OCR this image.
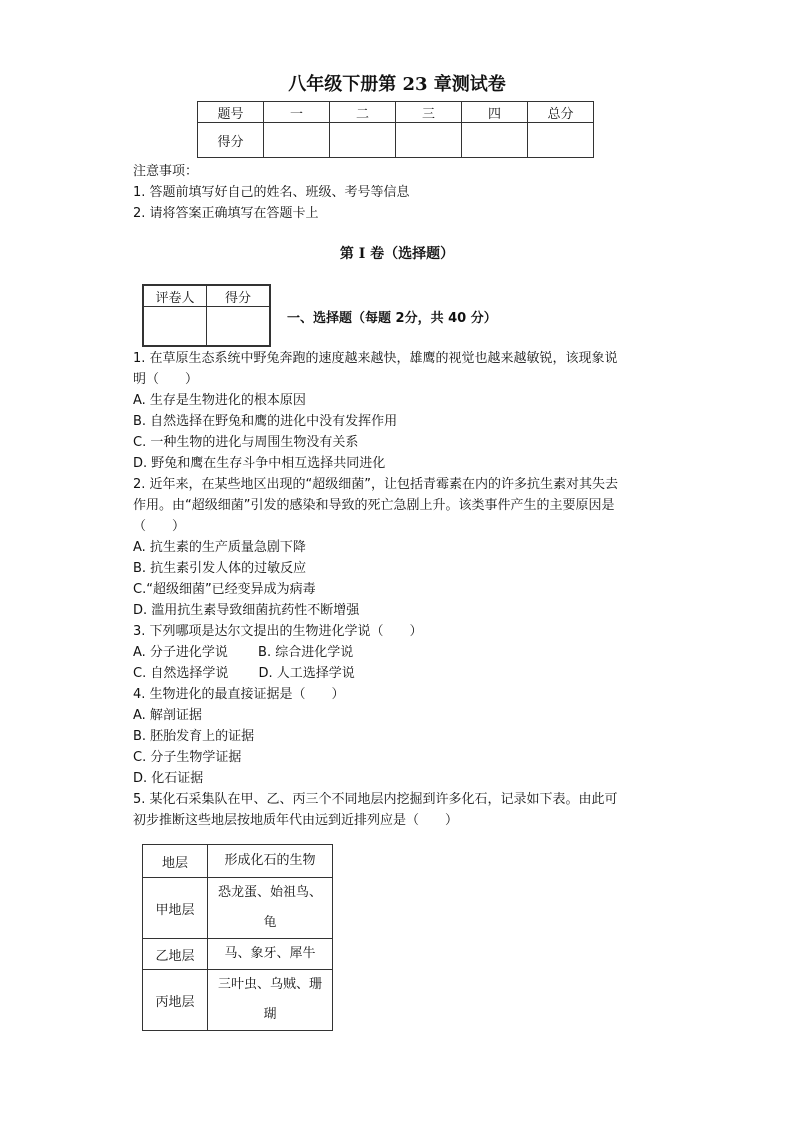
八年级下册第 23 章测试卷
题号	一	二	三	四	总分
得分					
注意事项：
1. 答题前填写好自己的姓名、班级、考号等信息
2. 请将答案正确填写在答题卡上
第 I 卷（选择题）
评卷人	得分

一、选择题（每题 2分，共 40 分）
1. 在草原生态系统中野兔奔跑的速度越来越快，雄鹰的视觉也越来越敏锐，该现象说
明（　　）
A. 生存是生物进化的根本原因
B. 自然选择在野兔和鹰的进化中没有发挥作用
C. 一种生物的进化与周围生物没有关系
D. 野兔和鹰在生存斗争中相互选择共同进化
2. 近年来，在某些地区出现的“超级细菌”，让包括青霉素在内的许多抗生素对其失去
作用。由“超级细菌”引发的感染和导致的死亡急剧上升。该类事件产生的主要原因是
（　　）
A. 抗生素的生产质量急剧下降
B. 抗生素引发人体的过敏反应
C.“超级细菌”已经变异成为病毒
D. 滥用抗生素导致细菌抗药性不断增强
3. 下列哪项是达尔文提出的生物进化学说（　　）
A. 分子进化学说　　 B. 综合进化学说
C. 自然选择学说　　 D. 人工选择学说
4. 生物进化的最直接证据是（　　）
A. 解剖证据
B. 胚胎发育上的证据
C. 分子生物学证据
D. 化石证据
5. 某化石采集队在甲、乙、丙三个不同地层内挖掘到许多化石，记录如下表。由此可
初步推断这些地层按地质年代由远到近排列应是（　　）
地层	形成化石的生物
甲地层	恐龙蛋、始祖鸟、龟
乙地层	马、象牙、犀牛
丙地层	三叶虫、乌贼、珊瑚
